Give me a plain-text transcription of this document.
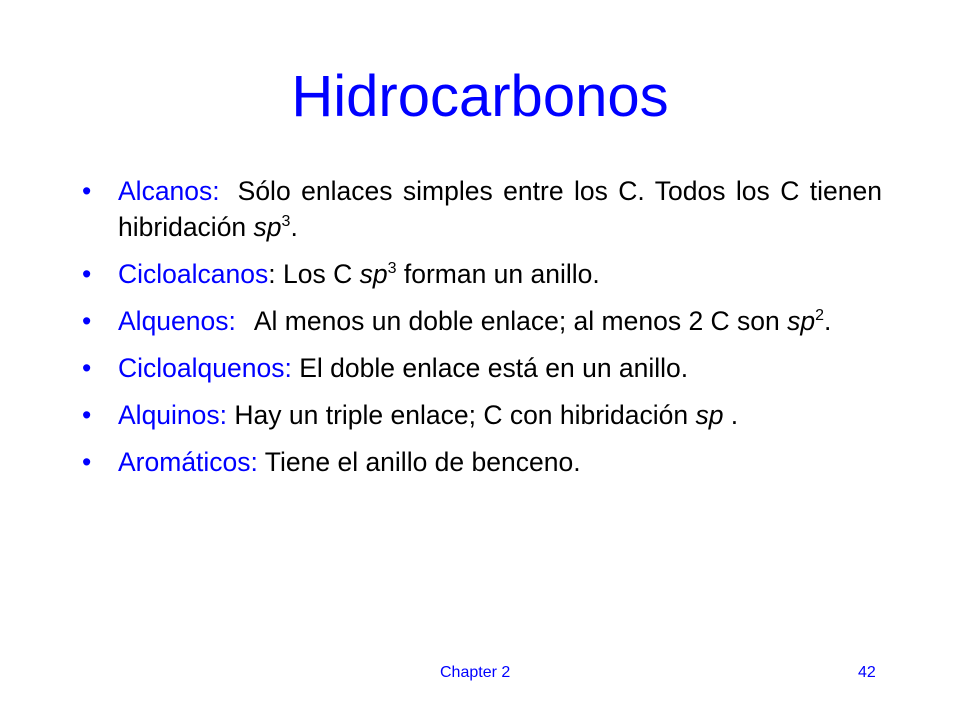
Hidrocarbonos
• Alcanos: Sólo enlaces simples entre los C. Todos los C tienen hibridación $sp^3$.
• Cicloalcanos: Los C $sp^3$ forman un anillo.
• Alquenos: Al menos un doble enlace; al menos 2 C son $sp^2$.
• Cicloalquenos: El doble enlace está en un anillo.
• Alquinos: Hay un triple enlace; C con hibridación sp .
• Aromáticos: Tiene el anillo de benceno.
Chapter 2	42
